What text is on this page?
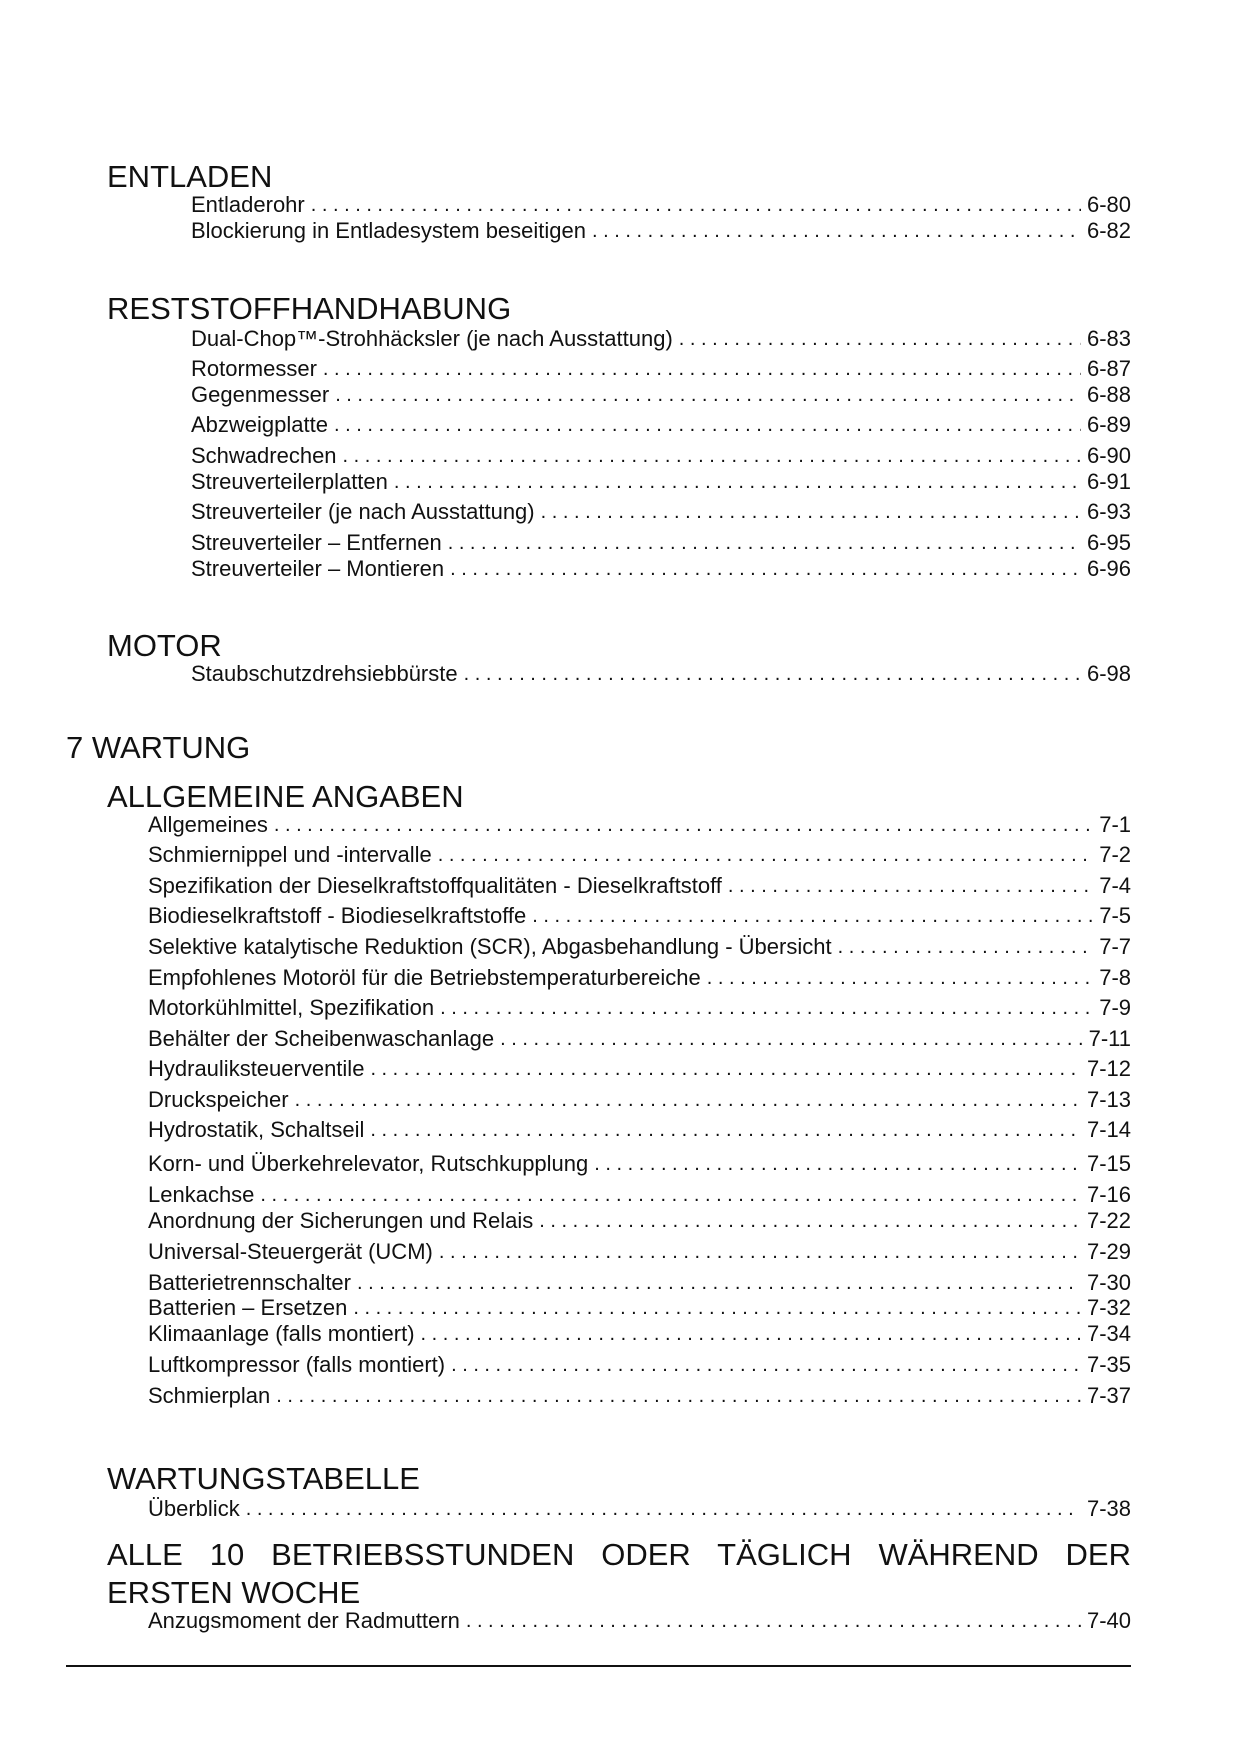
ENTLADEN
Entladerohr . . .	6-80
Blockierung in Entladesystem beseitigen . . .	6-82
RESTSTOFFHANDHABUNG
Dual-Chop™-Strohhäcksler (je nach Ausstattung) . . .	6-83
Rotormesser . . .	6-87
Gegenmesser . . .	6-88
Abzweigplatte . . .	6-89
Schwadrechen . . .	6-90
Streuverteilerplatten . . .	6-91
Streuverteiler (je nach Ausstattung) . . .	6-93
Streuverteiler – Entfernen . . .	6-95
Streuverteiler – Montieren . . .	6-96
MOTOR
Staubschutzdrehsiebbürste . . .	6-98
7 WARTUNG
ALLGEMEINE ANGABEN
Allgemeines . . .	7-1
Schmiernippel und -intervalle . . .	7-2
Spezifikation der Dieselkraftstoffqualitäten - Dieselkraftstoff . . .	7-4
Biodieselkraftstoff - Biodieselkraftstoffe . . .	7-5
Selektive katalytische Reduktion (SCR), Abgasbehandlung - Übersicht . . .	7-7
Empfohlenes Motoröl für die Betriebstemperaturbereiche . . .	7-8
Motorkühlmittel, Spezifikation . . .	7-9
Behälter der Scheibenwaschanlage . . .	7-11
Hydrauliksteuerventile . . .	7-12
Druckspeicher . . .	7-13
Hydrostatik, Schaltseil . . .	7-14
Korn- und Überkehrelevator, Rutschkupplung . . .	7-15
Lenkachse . . .	7-16
Anordnung der Sicherungen und Relais . . .	7-22
Universal-Steuergerät (UCM) . . .	7-29
Batterietrennschalter . . .	7-30
Batterien – Ersetzen . . .	7-32
Klimaanlage (falls montiert) . . .	7-34
Luftkompressor (falls montiert) . . .	7-35
Schmierplan . . .	7-37
WARTUNGSTABELLE
Überblick . . .	7-38
ALLE 10 BETRIEBSSTUNDEN ODER TÄGLICH WÄHREND DER
ERSTEN WOCHE
Anzugsmoment der Radmuttern . . .	7-40
